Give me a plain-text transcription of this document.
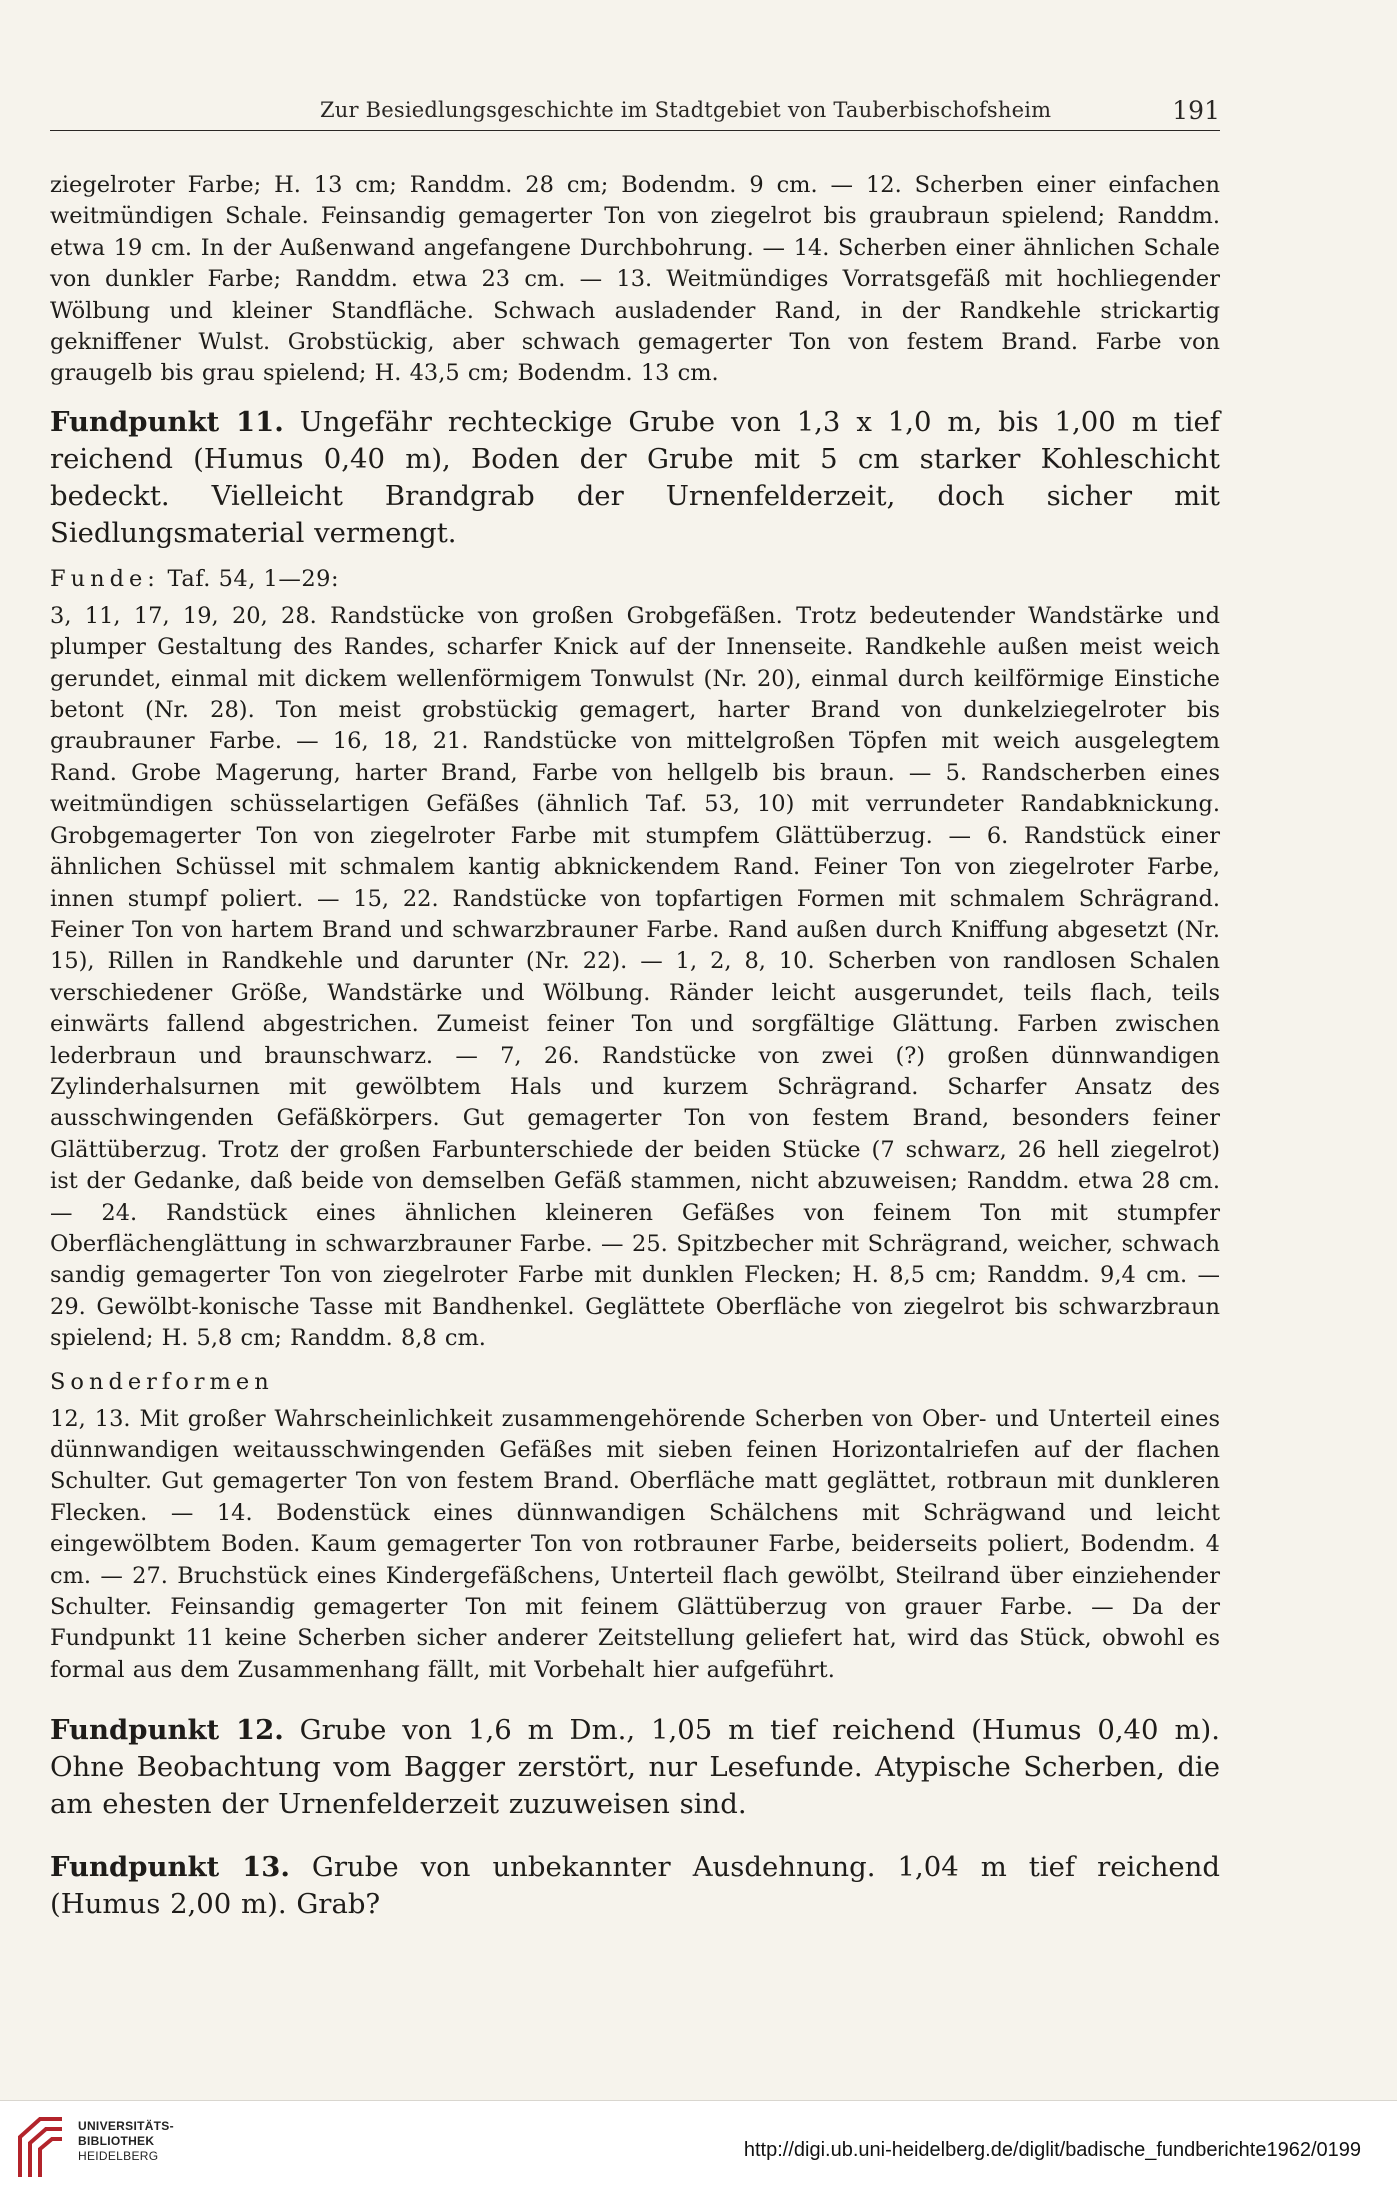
Zur Besiedlungsgeschichte im Stadtgebiet von Tauberbischofsheim	191

ziegelroter Farbe; H. 13 cm; Randdm. 28 cm; Bodendm. 9 cm. — 12. Scherben einer einfachen weitmündigen Schale. Feinsandig gemagerter Ton von ziegelrot bis graubraun spielend; Randdm. etwa 19 cm. In der Außenwand angefangene Durchbohrung. — 14. Scherben einer ähnlichen Schale von dunkler Farbe; Randdm. etwa 23 cm. — 13. Weitmündiges Vorratsgefäß mit hochliegender Wölbung und kleiner Standfläche. Schwach ausladender Rand, in der Randkehle strickartig gekniffener Wulst. Grobstückig, aber schwach gemagerter Ton von festem Brand. Farbe von graugelb bis grau spielend; H. 43,5 cm; Bodendm. 13 cm.

Fundpunkt 11. Ungefähr rechteckige Grube von 1,3 x 1,0 m, bis 1,00 m tief reichend (Humus 0,40 m), Boden der Grube mit 5 cm starker Kohleschicht bedeckt. Vielleicht Brandgrab der Urnenfelderzeit, doch sicher mit Siedlungsmaterial vermengt.

Funde: Taf. 54, 1—29:

3, 11, 17, 19, 20, 28. Randstücke von großen Grobgefäßen. Trotz bedeutender Wandstärke und plumper Gestaltung des Randes, scharfer Knick auf der Innenseite. Randkehle außen meist weich gerundet, einmal mit dickem wellenförmigem Tonwulst (Nr. 20), einmal durch keilförmige Einstiche betont (Nr. 28). Ton meist grobstückig gemagert, harter Brand von dunkelziegelroter bis graubrauner Farbe. — 16, 18, 21. Randstücke von mittelgroßen Töpfen mit weich ausgelegtem Rand. Grobe Magerung, harter Brand, Farbe von hellgelb bis braun. — 5. Randscherben eines weitmündigen schüsselartigen Gefäßes (ähnlich Taf. 53, 10) mit verrundeter Randabknickung. Grobgemagerter Ton von ziegelroter Farbe mit stumpfem Glättüberzug. — 6. Randstück einer ähnlichen Schüssel mit schmalem kantig abknickendem Rand. Feiner Ton von ziegelroter Farbe, innen stumpf poliert. — 15, 22. Randstücke von topfartigen Formen mit schmalem Schrägrand. Feiner Ton von hartem Brand und schwarzbrauner Farbe. Rand außen durch Kniffung abgesetzt (Nr. 15), Rillen in Randkehle und darunter (Nr. 22). — 1, 2, 8, 10. Scherben von randlosen Schalen verschiedener Größe, Wandstärke und Wölbung. Ränder leicht ausgerundet, teils flach, teils einwärts fallend abgestrichen. Zumeist feiner Ton und sorgfältige Glättung. Farben zwischen lederbraun und braunschwarz. — 7, 26. Randstücke von zwei (?) großen dünnwandigen Zylinderhalsurnen mit gewölbtem Hals und kurzem Schrägrand. Scharfer Ansatz des ausschwingenden Gefäßkörpers. Gut gemagerter Ton von festem Brand, besonders feiner Glättüberzug. Trotz der großen Farbunterschiede der beiden Stücke (7 schwarz, 26 hell ziegelrot) ist der Gedanke, daß beide von demselben Gefäß stammen, nicht abzuweisen; Randdm. etwa 28 cm. — 24. Randstück eines ähnlichen kleineren Gefäßes von feinem Ton mit stumpfer Oberflächenglättung in schwarzbrauner Farbe. — 25. Spitzbecher mit Schrägrand, weicher, schwach sandig gemagerter Ton von ziegelroter Farbe mit dunklen Flecken; H. 8,5 cm; Randdm. 9,4 cm. — 29. Gewölbt-konische Tasse mit Bandhenkel. Geglättete Oberfläche von ziegelrot bis schwarzbraun spielend; H. 5,8 cm; Randdm. 8,8 cm.

Sonderformen

12, 13. Mit großer Wahrscheinlichkeit zusammengehörende Scherben von Ober- und Unterteil eines dünnwandigen weitausschwingenden Gefäßes mit sieben feinen Horizontalriefen auf der flachen Schulter. Gut gemagerter Ton von festem Brand. Oberfläche matt geglättet, rotbraun mit dunkleren Flecken. — 14. Bodenstück eines dünnwandigen Schälchens mit Schrägwand und leicht eingewölbtem Boden. Kaum gemagerter Ton von rotbrauner Farbe, beiderseits poliert, Bodendm. 4 cm. — 27. Bruchstück eines Kindergefäßchens, Unterteil flach gewölbt, Steilrand über einziehender Schulter. Feinsandig gemagerter Ton mit feinem Glättüberzug von grauer Farbe. — Da der Fundpunkt 11 keine Scherben sicher anderer Zeitstellung geliefert hat, wird das Stück, obwohl es formal aus dem Zusammenhang fällt, mit Vorbehalt hier aufgeführt.

Fundpunkt 12. Grube von 1,6 m Dm., 1,05 m tief reichend (Humus 0,40 m). Ohne Beobachtung vom Bagger zerstört, nur Lesefunde. Atypische Scherben, die am ehesten der Urnenfelderzeit zuzuweisen sind.

Fundpunkt 13. Grube von unbekannter Ausdehnung. 1,04 m tief reichend (Humus 2,00 m). Grab?

UNIVERSITÄTS-
BIBLIOTHEK
HEIDELBERG	http://digi.ub.uni-heidelberg.de/diglit/badische_fundberichte1962/0199
